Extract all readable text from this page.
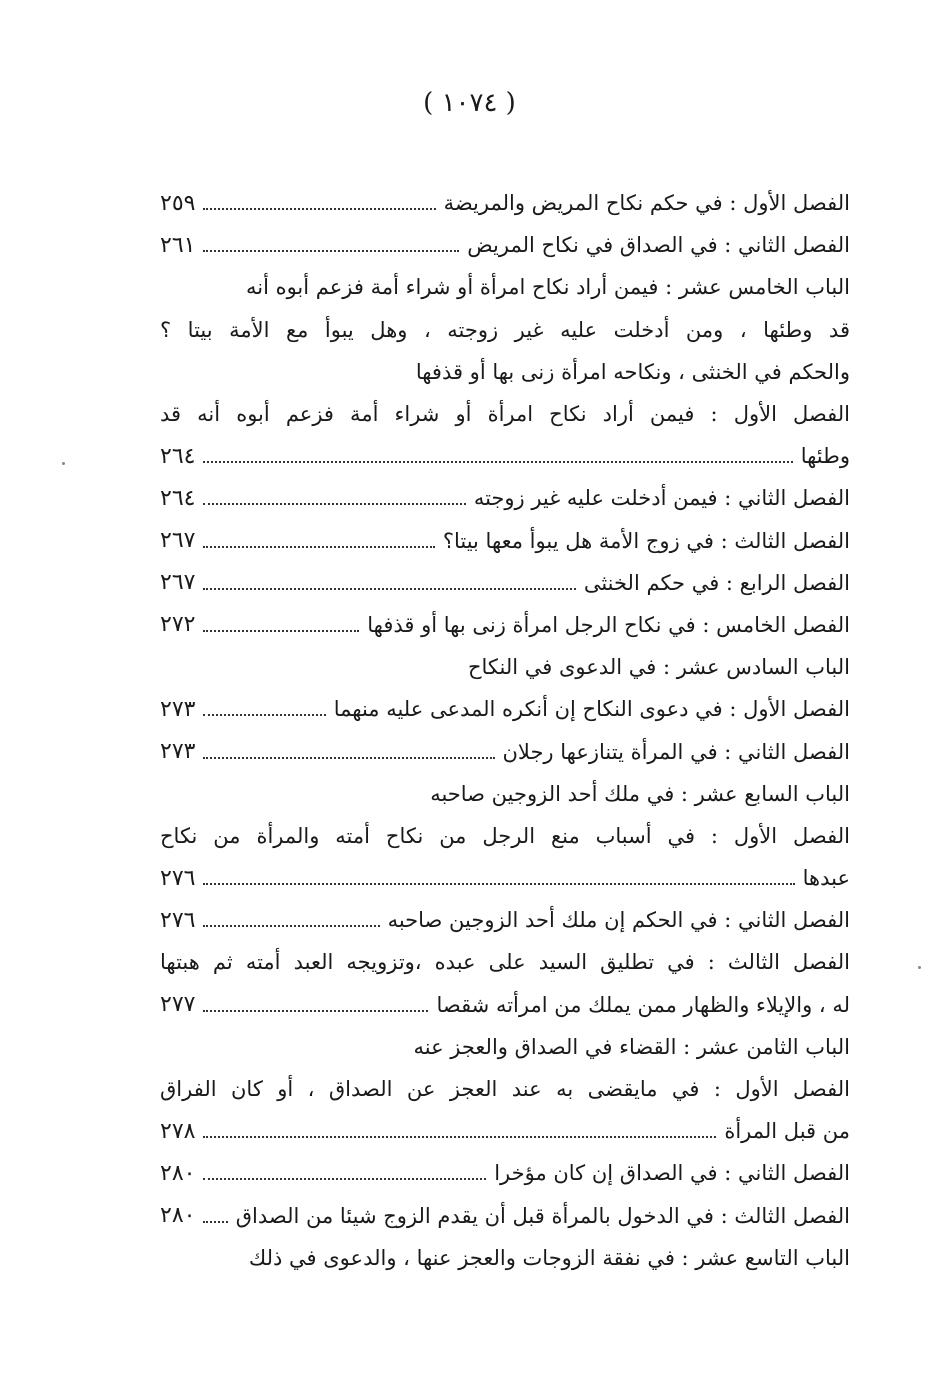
( ١٠٧٤ )
الفصل الأول : في حكم نكاح المريض والمريضة
٢٥٩
الفصل الثاني : في الصداق في نكاح المريض
٢٦١
الباب الخامس عشر : فيمن أراد نكاح امرأة أو شراء أمة فزعم أبوه أنه
قد وطئها ، ومن أدخلت عليه غير زوجته ، وهل يبوأ مع الأمة بيتا ؟
والحكم في الخنثى ، ونكاحه امرأة زنى بها أو قذفها
الفصل الأول : فيمن أراد نكاح امرأة أو شراء أمة فزعم أبوه أنه قد
وطئها
٢٦٤
الفصل الثاني : فيمن أدخلت عليه غير زوجته
٢٦٤
الفصل الثالث : في زوج الأمة هل يبوأ معها بيتا؟
٢٦٧
الفصل الرابع : في حكم الخنثى
٢٦٧
الفصل الخامس : في نكاح الرجل امرأة زنى بها أو قذفها
٢٧٢
الباب السادس عشر : في الدعوى في النكاح
الفصل الأول : في دعوى النكاح إن أنكره المدعى عليه منهما
٢٧٣
الفصل الثاني : في المرأة يتنازعها رجلان
٢٧٣
الباب السابع عشر : في ملك أحد الزوجين صاحبه
الفصل الأول : في أسباب منع الرجل من نكاح أمته والمرأة من نكاح
عبدها
٢٧٦
الفصل الثاني : في الحكم إن ملك أحد الزوجين صاحبه
٢٧٦
الفصل الثالث : في تطليق السيد على عبده ،وتزويجه العبد أمته ثم هبتها
له ، والإيلاء والظهار ممن يملك من امرأته شقصا
٢٧٧
الباب الثامن عشر : القضاء في الصداق والعجز عنه
الفصل الأول : في مايقضى به عند العجز عن الصداق ، أو كان الفراق
من قبل المرأة
٢٧٨
الفصل الثاني : في الصداق إن كان مؤخرا
٢٨٠
الفصل الثالث : في الدخول بالمرأة قبل أن يقدم الزوج شيئا من الصداق
٢٨٠
الباب التاسع عشر : في نفقة الزوجات والعجز عنها ، والدعوى في ذلك
